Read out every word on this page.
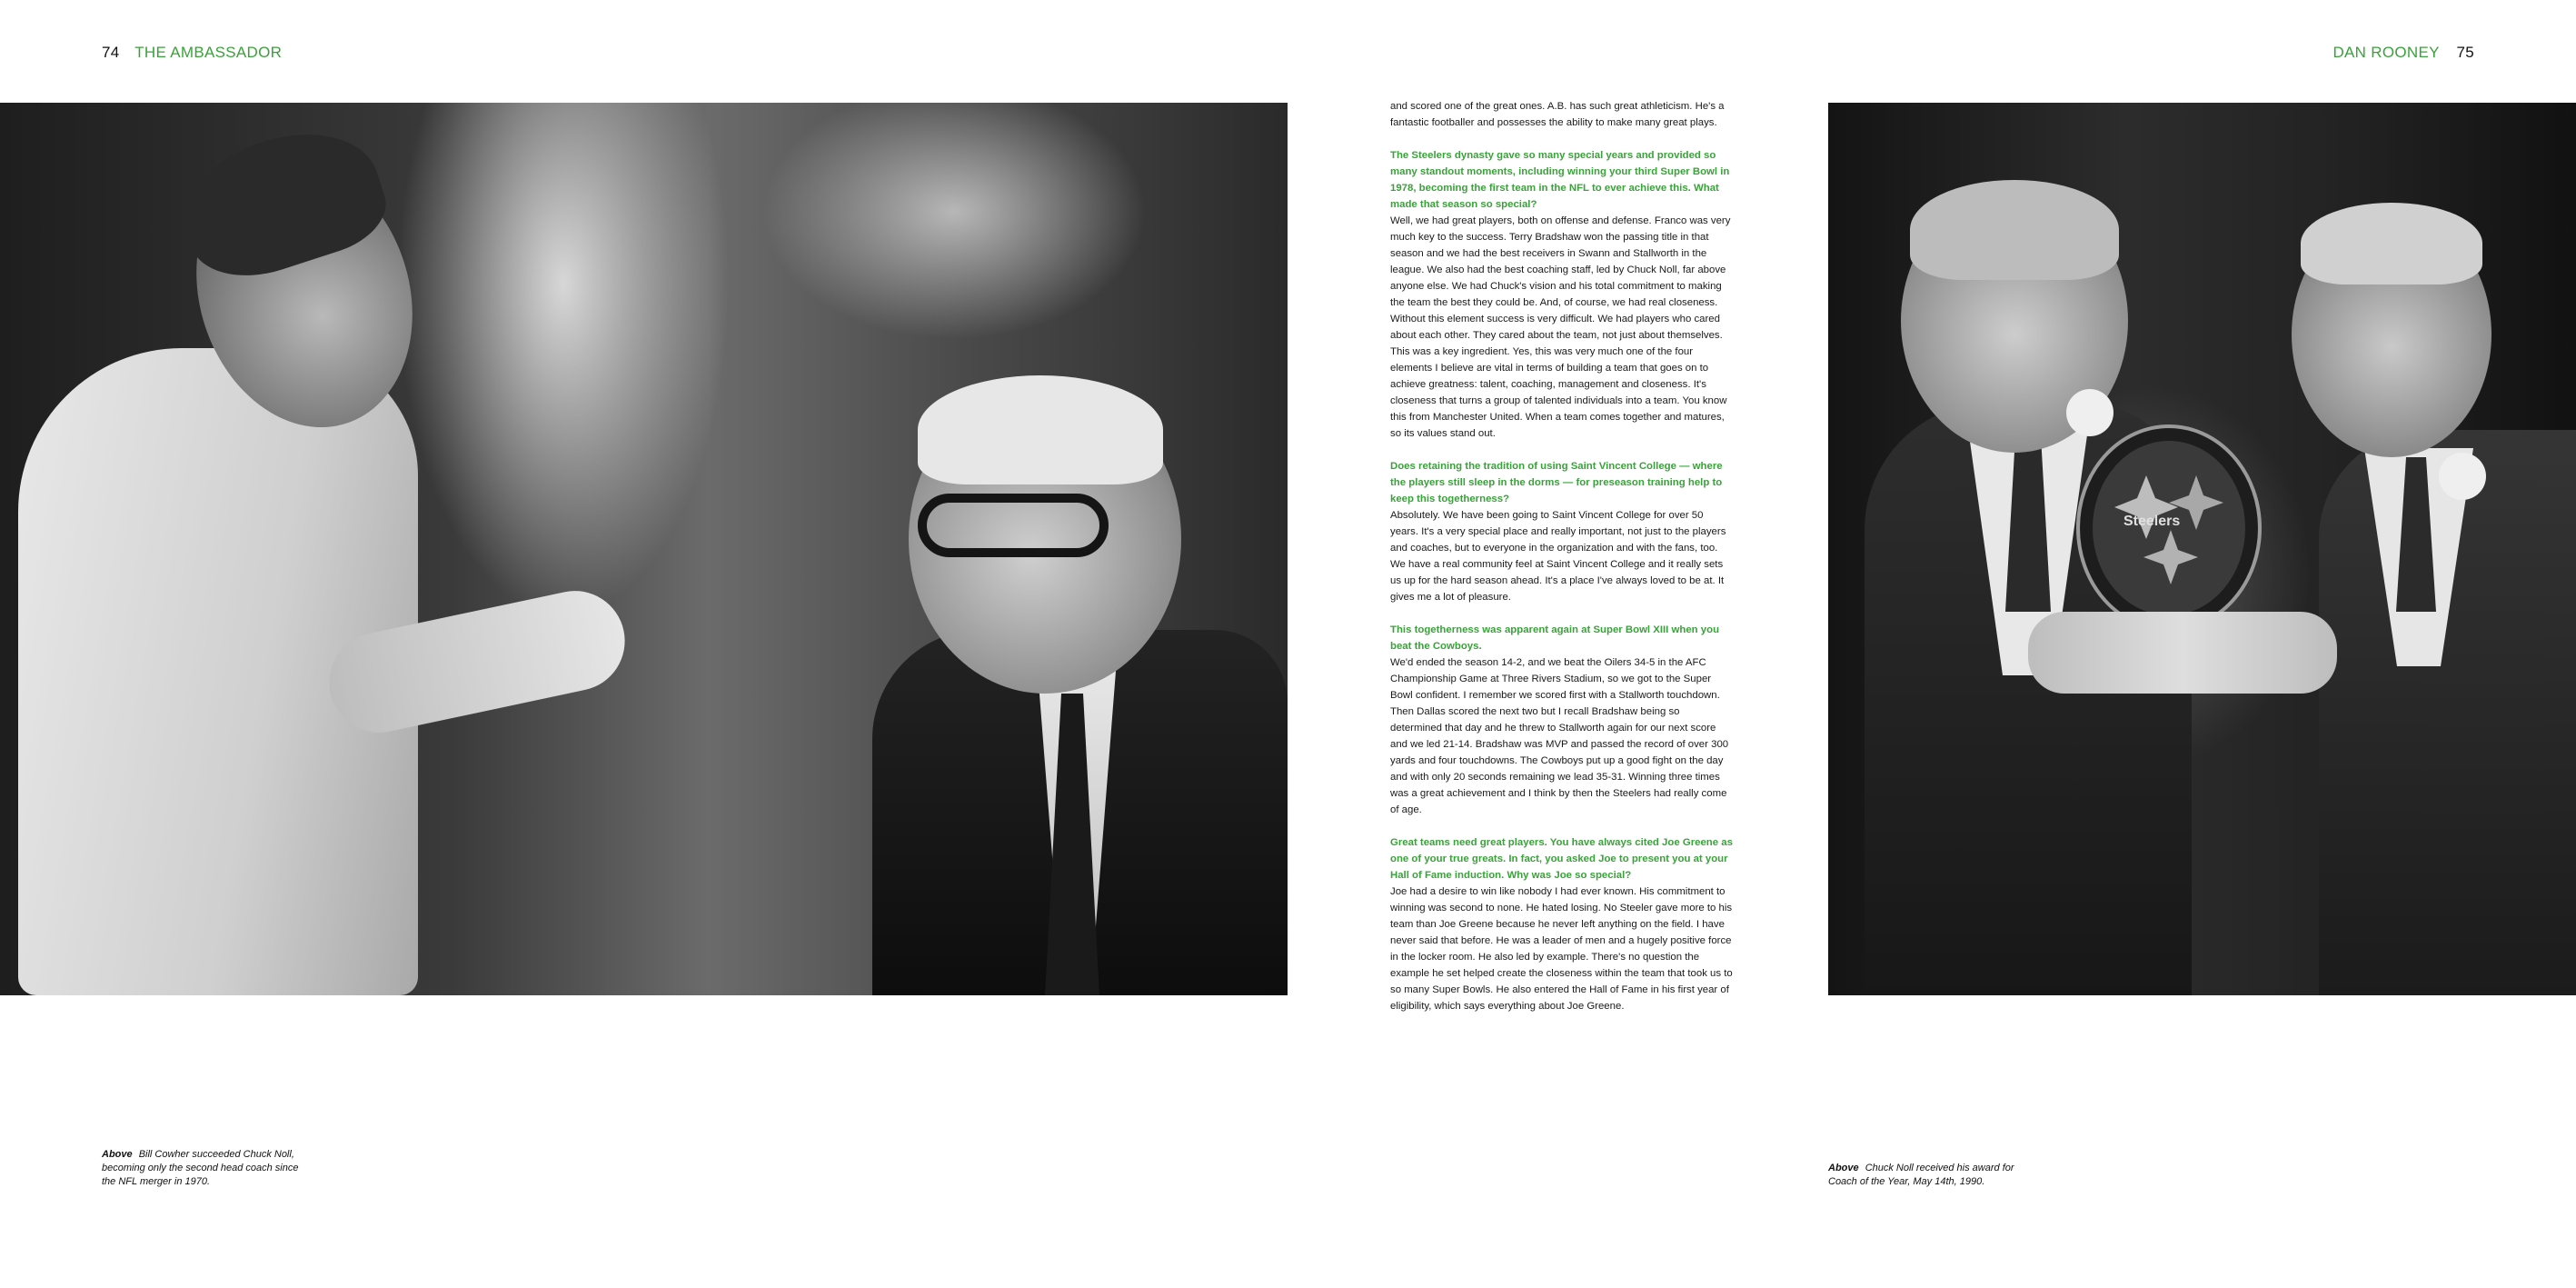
74 THE AMBASSADOR	DAN ROONEY 75
Steelers

and scored one of the great ones. A.B. has such great athleticism. He's a fantastic footballer and possesses the ability to make many great plays.

The Steelers dynasty gave so many special years and provided so many standout moments, including winning your third Super Bowl in 1978, becoming the first team in the NFL to ever achieve this. What made that season so special?

Well, we had great players, both on offense and defense. Franco was very much key to the success. Terry Bradshaw won the passing title in that season and we had the best receivers in Swann and Stallworth in the league. We also had the best coaching staff, led by Chuck Noll, far above anyone else. We had Chuck's vision and his total commitment to making the team the best they could be. And, of course, we had real closeness. Without this element success is very difficult. We had players who cared about each other. They cared about the team, not just about themselves. This was a key ingredient. Yes, this was very much one of the four elements I believe are vital in terms of building a team that goes on to achieve greatness: talent, coaching, management and closeness. It's closeness that turns a group of talented individuals into a team. You know this from Manchester United. When a team comes together and matures, so its values stand out.

Does retaining the tradition of using Saint Vincent College — where the players still sleep in the dorms — for preseason training help to keep this togetherness?

Absolutely. We have been going to Saint Vincent College for over 50 years. It's a very special place and really important, not just to the players and coaches, but to everyone in the organization and with the fans, too. We have a real community feel at Saint Vincent College and it really sets us up for the hard season ahead. It's a place I've always loved to be at. It gives me a lot of pleasure.

This togetherness was apparent again at Super Bowl XIII when you beat the Cowboys.

We'd ended the season 14-2, and we beat the Oilers 34-5 in the AFC Championship Game at Three Rivers Stadium, so we got to the Super Bowl confident. I remember we scored first with a Stallworth touchdown. Then Dallas scored the next two but I recall Bradshaw being so determined that day and he threw to Stallworth again for our next score and we led 21-14. Bradshaw was MVP and passed the record of over 300 yards and four touchdowns. The Cowboys put up a good fight on the day and with only 20 seconds remaining we lead 35-31. Winning three times was a great achievement and I think by then the Steelers had really come of age.

Great teams need great players. You have always cited Joe Greene as one of your true greats. In fact, you asked Joe to present you at your Hall of Fame induction. Why was Joe so special?

Joe had a desire to win like nobody I had ever known. His commitment to winning was second to none. He hated losing. No Steeler gave more to his team than Joe Greene because he never left anything on the field. I have never said that before. He was a leader of men and a hugely positive force in the locker room. He also led by example. There's no question the example he set helped create the closeness within the team that took us to so many Super Bowls. He also entered the Hall of Fame in his first year of eligibility, which says everything about Joe Greene.

Above Bill Cowher succeeded Chuck Noll, becoming only the second head coach since the NFL merger in 1970.
Above Chuck Noll received his award for Coach of the Year, May 14th, 1990.
